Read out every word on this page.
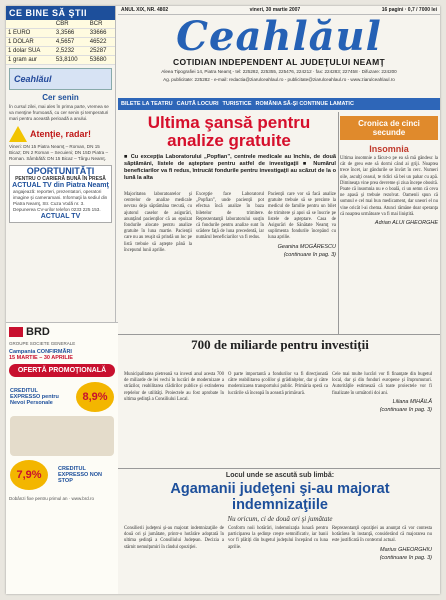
CE BINE SĂ ŞTII
	CBR	BCR
1 EURO	3,3566	33666
1 DOLAR	4,5657	46522
1 dolar SUA	2,5232	25287
1 gram aur	53,8100	53680
Ceahlăul
Cer senin
În cursul zilei, mai ales în prima parte, vremea se va menţine frumoasă, cu cer senin şi temperaturi mari pentru această perioadă a anului.
Atenţie, radar!
Vineri: DN 15 Piatra Neamţ – Roman, DN 15 Bicaz; DN 2 Roman – Secuieni; DN 15D Piatra – Roman. Sâmbătă: DN 15 Bicaz – Târgu Neamţ.
OPORTUNITĂŢI
PENTRU O CARIERĂ BUNĂ ÎN PRESĂ
ACTUAL TV din Piatra Neamţ
angajează: reporteri, prezentatori, operatori imagine şi cameramani. Informaţii la sediul din Piatra Neamţ, Str. Cuza Vodă nr. 3. Depunerea CV-urilor telefon 0233 225 153.
ACTUAL TV
ANUL XIX, NR. 4802	vineri, 30 martie 2007	16 pagini · 0,7 / 7000 lei
Ceahlăul
COTIDIAN INDEPENDENT AL JUDEŢULUI NEAMŢ
Aleea Tipografiei 14, Piatra Neamţ - tel: 225282, 225355, 225476, 224212 · fax: 224283; 227458 · Difuzare: 224200
Ag. publicitate: 225282 - e-mail: redactia@ziarulceahlaul.ro - publicitate@ziarulceahlaul.ro - www.ziarulceahlaul.ro
BILETE LA TEATRU CAUTĂ LOCURI TURISTICE ROMÂNIA SĂ-ŞI CONTINUE LAMATIC
Ultima şansă pentru analize gratuite
■ Cu excepţia Laboratorului „Popfian”, centrele medicale au închis, de două săptămâni, listele de aşteptare pentru astfel de investigaţii ■ Numărul beneficiarilor va fi redus, întrucât fondurile pentru investigaţii au scăzut de la o lună la alta
Majoritatea laboratoarelor şi centrelor de analize medicale nevrau deja săptămâna trecută, cu ajutorul caselor de asigurări, anunţând pacienţilor că au epuizat fondurile alocate pentru analize gratuite în luna martie. Pacienţii care nu au reuşit să prindă un loc pe listă trebuie să aştepte până la începutul lunii aprilie.
Excepţie face Laboratorul „Popfian”, unde pacienţii pot efectua încă analize în baza biletelor de trimitere. Reprezentanţii laboratorului susţin că fondurile pentru analize sunt în scădere faţă de luna precedentă, iar numărul beneficiarilor va fi redus.
Pacienţii care vor să facă analize gratuite trebuie să se prezinte la medicul de familie pentru un bilet de trimitere şi apoi să se înscrie pe listele de aşteptare. Casa de Asigurări de Sănătate Neamţ va suplimenta fondurile începând cu luna aprilie.
Geanina MOGÂRESCU
(continuare în pag. 3)
Cronica de cinci secunde
Insomnia
Ultima insomnie a făcut-o pe ea să mă gândesc la cât de greu este să dormi când ai griji. Noaptea trece încet, iar gândurile se învârt în cerc. Numeri oile, asculţi ceasul, te ridici să bei un pahar cu apă. Dimineaţa vine prea devreme şi ziua începe obosită. Poate că insomnia nu e o boală, ci un semn că ceva ne apasă şi trebuie rezolvat. Oamenii spun că somnul e cel mai bun medicament, dar uneori el nu vine oricât l-ai chema. Atunci rămâne doar speranţa că noaptea următoare va fi mai liniştită.
Adrian ALUI GHEORGHE
BRD
GROUPE SOCIETE GENERALE
Campania CONFIRMĂRI
15 MARTIE – 30 APRILIE
OFERTĂ PROMOŢIONALĂ
CREDITUL EXPRESSO pentru Nevoi Personale	8,9%
7,9%	CREDITUL EXPRESSO NON STOP
Dobânzi fixe pentru primul an · www.brd.ro
700 de miliarde pentru investiţii
Municipalitatea pietreană va investi anul acesta 700 de miliarde de lei vechi în lucrări de modernizare a străzilor, reabilitarea clădirilor publice şi extinderea reţelelor de utilităţi. Proiectele au fost aprobate în ultima şedinţă a Consiliului Local.
O parte importantă a fondurilor va fi direcţionată către reabilitarea şcolilor şi grădiniţelor, dar şi către modernizarea transportului public. Primăria speră ca lucrările să înceapă în această primăvară.
Cele mai multe lucrări vor fi finanţate din bugetul local, dar şi din fonduri europene şi împrumuturi. Autorităţile estimează că toate proiectele vor fi finalizate în următorii doi ani.
Liliana MIHĂILĂ
(continuare în pag. 3)
Locul unde se ascută sub limbă:
Agamanii judeţeni şi-au majorat indemnizaţiile
Nu oricum, ci de două ori şi jumătate
Consilierii judeţeni şi-au majorat indemnizaţiile de două ori şi jumătate, printr-o hotărâre adoptată în ultima şedinţă a Consiliului Judeţean. Decizia a stârnit nemulţumiri în rândul opoziţiei.
Conform noii hotărâri, indemnizaţia lunară pentru participarea la şedinţe creşte semnificativ, iar banii vor fi plătiţi din bugetul judeţului începând cu luna aprilie.
Reprezentanţii opoziţiei au anunţat că vor contesta hotărârea în instanţă, considerând că majorarea nu este justificată în contextul actual.
Marius GHEORGHIU
(continuare în pag. 3)
